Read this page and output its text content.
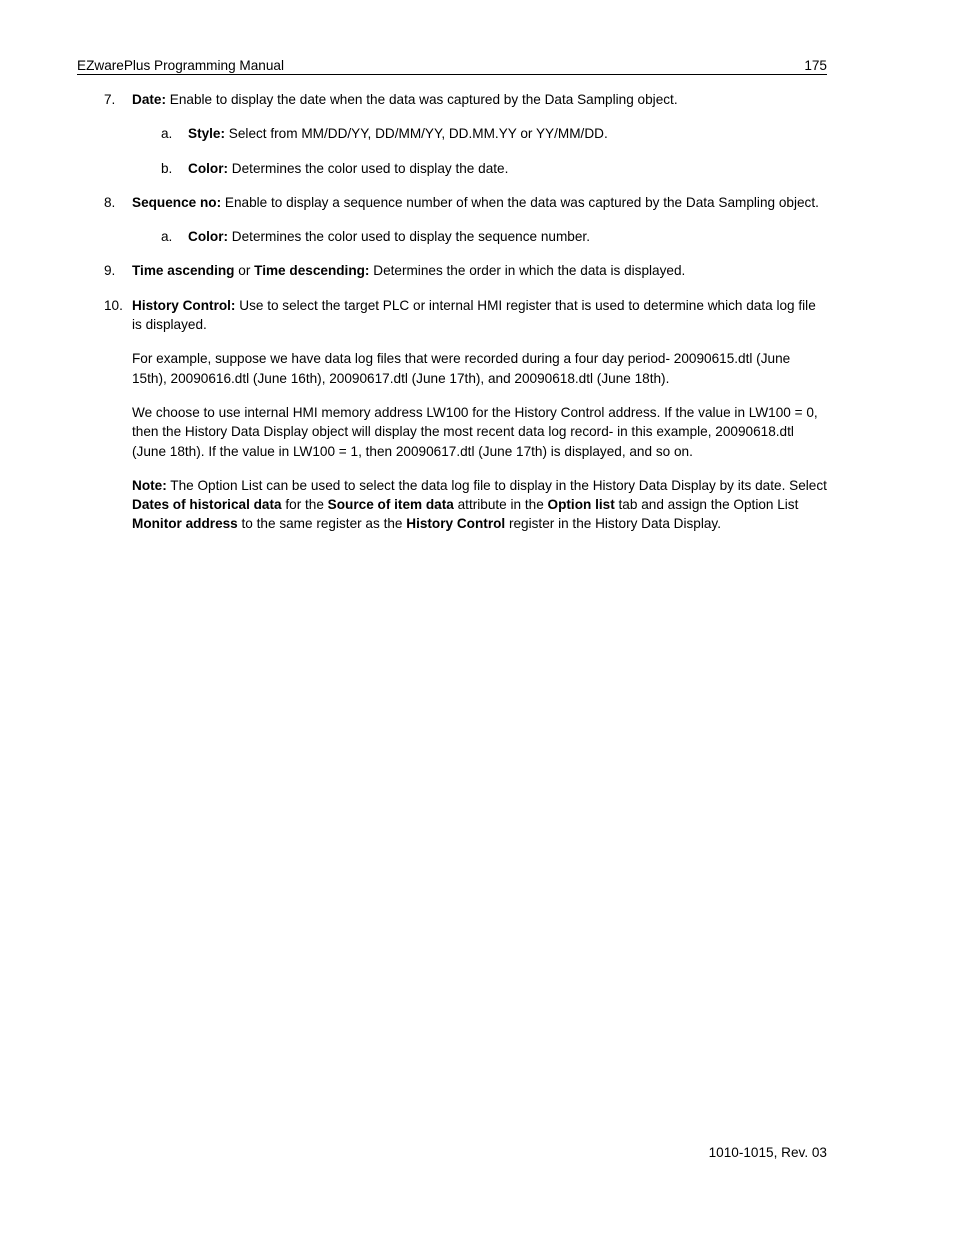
EZwarePlus Programming Manual	175
7. Date: Enable to display the date when the data was captured by the Data Sampling object.
a. Style: Select from MM/DD/YY, DD/MM/YY, DD.MM.YY or YY/MM/DD.
b. Color: Determines the color used to display the date.
8. Sequence no: Enable to display a sequence number of when the data was captured by the Data Sampling object.
a. Color: Determines the color used to display the sequence number.
9. Time ascending or Time descending: Determines the order in which the data is displayed.
10. History Control: Use to select the target PLC or internal HMI register that is used to determine which data log file is displayed.
For example, suppose we have data log files that were recorded during a four day period- 20090615.dtl (June 15th), 20090616.dtl (June 16th), 20090617.dtl (June 17th), and 20090618.dtl (June 18th).
We choose to use internal HMI memory address LW100 for the History Control address. If the value in LW100 = 0, then the History Data Display object will display the most recent data log record- in this example, 20090618.dtl (June 18th). If the value in LW100 = 1, then 20090617.dtl (June 17th) is displayed, and so on.
Note: The Option List can be used to select the data log file to display in the History Data Display by its date. Select Dates of historical data for the Source of item data attribute in the Option list tab and assign the Option List Monitor address to the same register as the History Control register in the History Data Display.
1010-1015, Rev. 03
